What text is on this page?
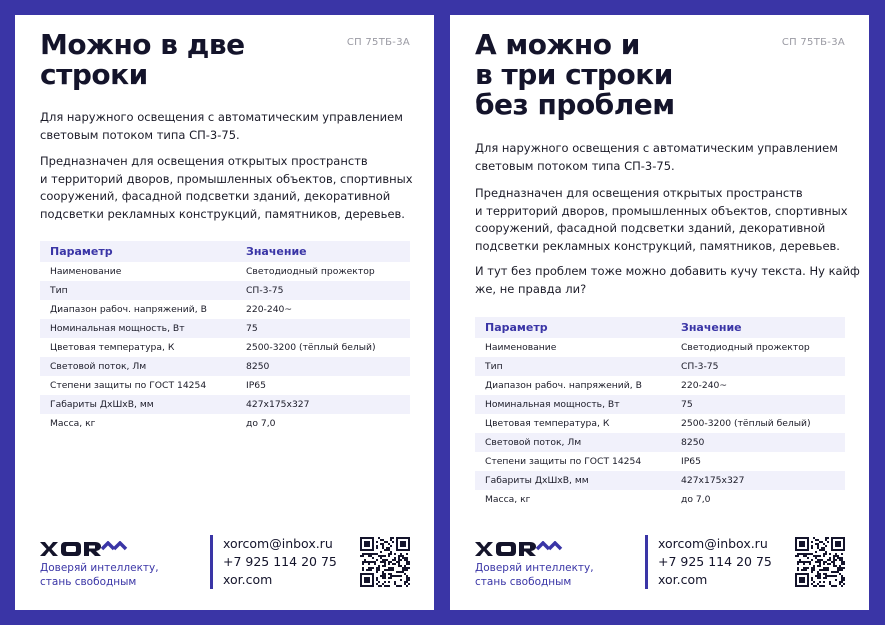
СП 75ТБ-3А
Можно в две
строки

Для наружного освещения с автоматическим управлением
световым потоком типа СП-3-75.

Предназначен для освещения открытых пространств
и территорий дворов, промышленных объектов, спортивных
сооружений, фасадной подсветки зданий, декоративной
подсветки рекламных конструкций, памятников, деревьев.

Параметр	Значение
Наименование	Светодиодный прожектор
Тип	СП-3-75
Диапазон рабоч. напряжений, В	220-240~
Номинальная мощность, Вт	75
Цветовая температура, К	2500-3200 (тёплый белый)
Световой поток, Лм	8250
Степени защиты по ГОСТ 14254	IP65
Габариты ДхШхВ, мм	427х175х327
Масса, кг	до 7,0
Доверяй интеллекту,
стань свободным
xorcom@inbox.ru
+7 925 114 20 75
xor.com
СП 75ТБ-3А
А можно и
в три строки
без проблем

Для наружного освещения с автоматическим управлением
световым потоком типа СП-3-75.

Предназначен для освещения открытых пространств
и территорий дворов, промышленных объектов, спортивных
сооружений, фасадной подсветки зданий, декоративной
подсветки рекламных конструкций, памятников, деревьев.

И тут без проблем тоже можно добавить кучу текста. Ну кайф
же, не правда ли?

Параметр	Значение
Наименование	Светодиодный прожектор
Тип	СП-3-75
Диапазон рабоч. напряжений, В	220-240~
Номинальная мощность, Вт	75
Цветовая температура, К	2500-3200 (тёплый белый)
Световой поток, Лм	8250
Степени защиты по ГОСТ 14254	IP65
Габариты ДхШхВ, мм	427х175х327
Масса, кг	до 7,0
Доверяй интеллекту,
стань свободным
xorcom@inbox.ru
+7 925 114 20 75
xor.com
